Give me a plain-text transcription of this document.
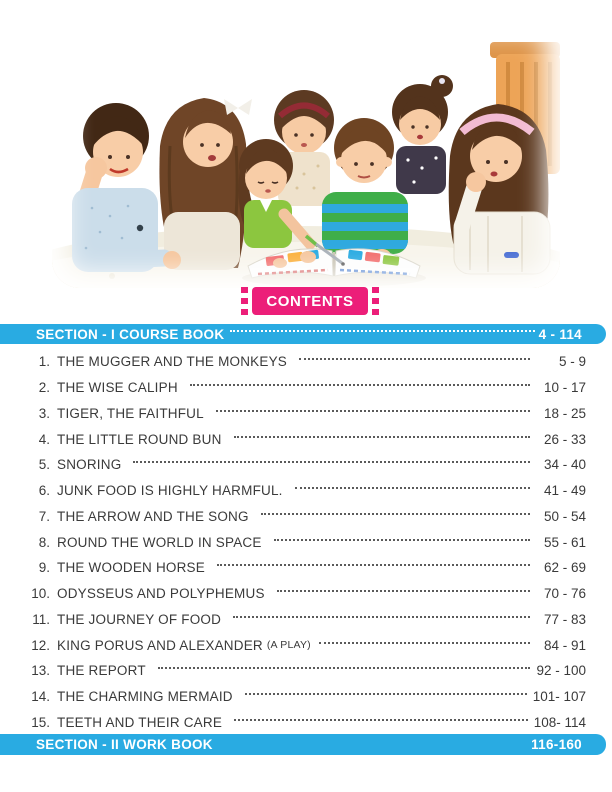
CONTENTS
SECTION - I COURSE BOOK	4 - 114
1. THE MUGGER AND THE MONKEYS	5 - 9
2. THE WISE CALIPH	10 - 17
3. TIGER, THE FAITHFUL	18 - 25
4. THE LITTLE ROUND BUN	26 - 33
5. SNORING	34 - 40
6. JUNK FOOD IS HIGHLY HARMFUL.	41 - 49
7. THE ARROW AND THE SONG	50 - 54
8. ROUND THE WORLD IN SPACE	55 - 61
9. THE WOODEN HORSE	62 - 69
10. ODYSSEUS AND POLYPHEMUS	70 - 76
11. THE JOURNEY OF FOOD	77 - 83
12. KING PORUS AND ALEXANDER (A PLAY)	84 - 91
13. THE REPORT	92 - 100
14. THE CHARMING MERMAID	101- 107
15. TEETH AND THEIR CARE	108- 114
SECTION - II WORK BOOK	116-160
